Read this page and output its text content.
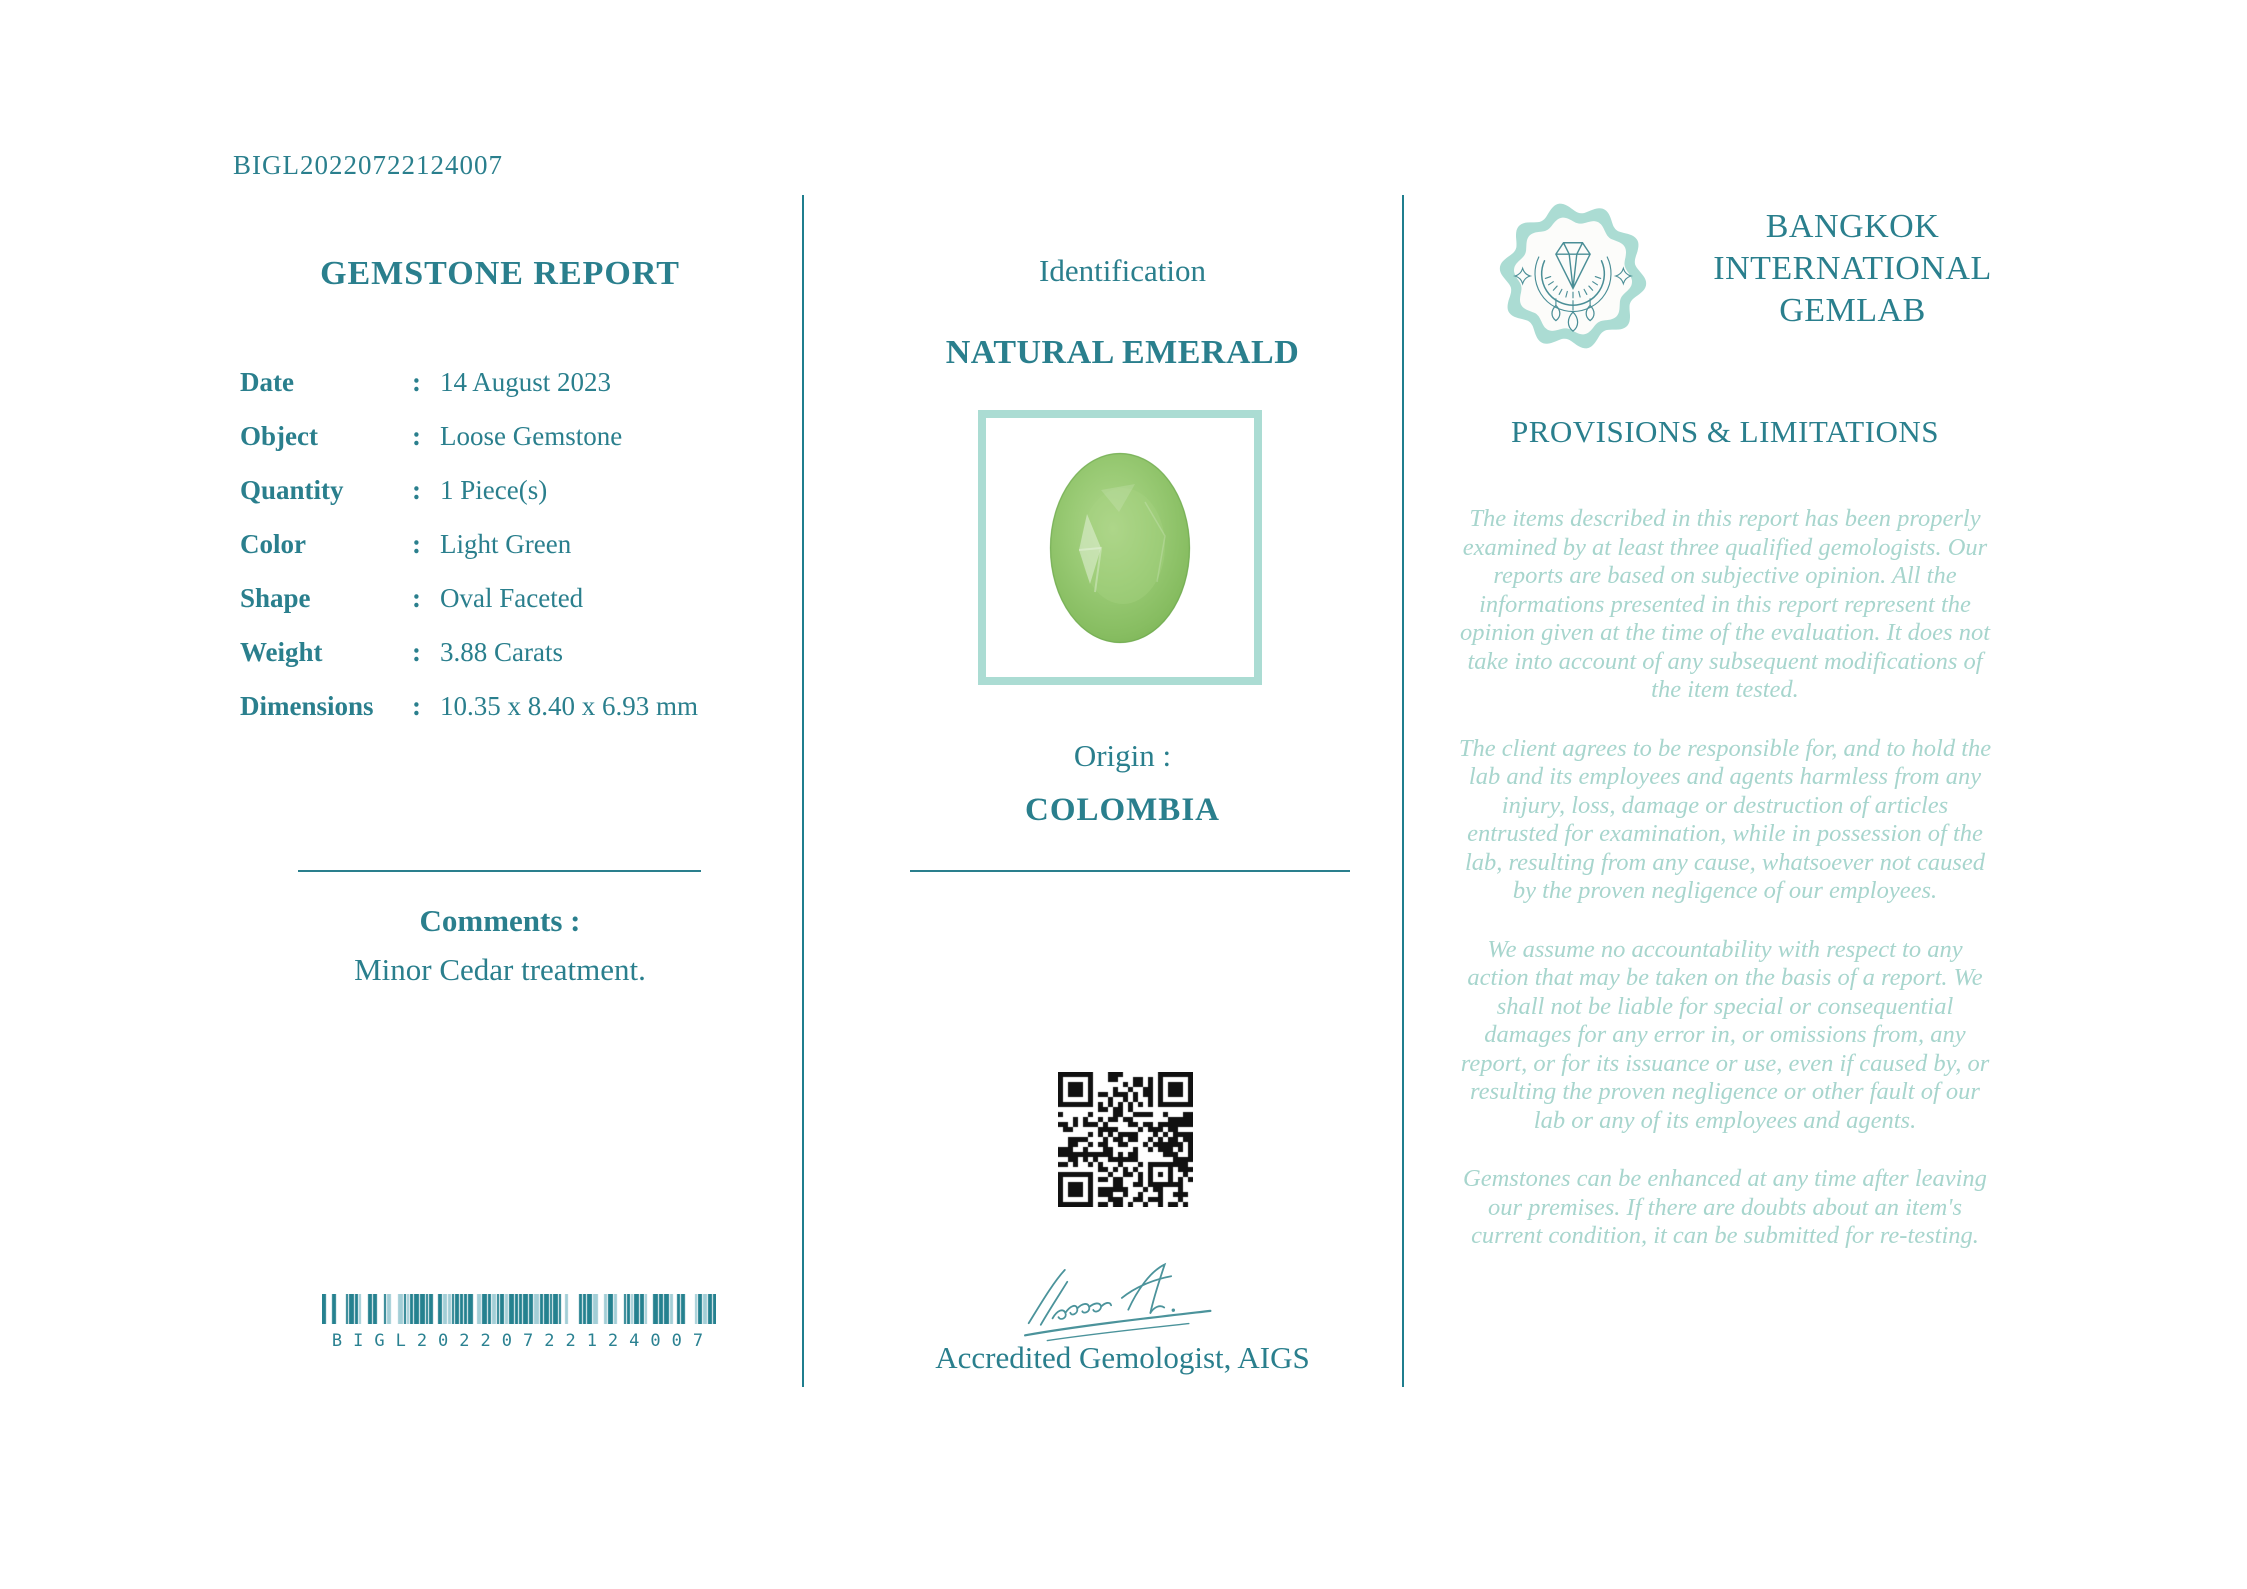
BIGL20220722124007
GEMSTONE REPORT
Date	: 14 August 2023
Object	: Loose Gemstone
Quantity	: 1 Piece(s)
Color	: Light Green
Shape	: Oval Faceted
Weight	: 3.88 Carats
Dimensions	: 10.35 x 8.40 x 6.93 mm
Comments :
Minor Cedar treatment.
BIGL20220722124007
Identification
NATURAL EMERALD
Origin :
COLOMBIA
Accredited Gemologist, AIGS
BANGKOK
INTERNATIONAL
GEMLAB
PROVISIONS & LIMITATIONS

The items described in this report has been properly examined by at least three qualified gemologists. Our reports are based on subjective opinion. All the informations presented in this report represent the opinion given at the time of the evaluation. It does not take into account of any subsequent modifications of the item tested.

The client agrees to be responsible for, and to hold the lab and its employees and agents harmless from any injury, loss, damage or destruction of articles entrusted for examination, while in possession of the lab, resulting from any cause, whatsoever not caused by the proven negligence of our employees.

We assume no accountability with respect to any action that may be taken on the basis of a report. We shall not be liable for special or consequential damages for any error in, or omissions from, any report, or for its issuance or use, even if caused by, or resulting the proven negligence or other fault of our lab or any of its employees and agents.

Gemstones can be enhanced at any time after leaving our premises. If there are doubts about an item's current condition, it can be submitted for re-testing.
